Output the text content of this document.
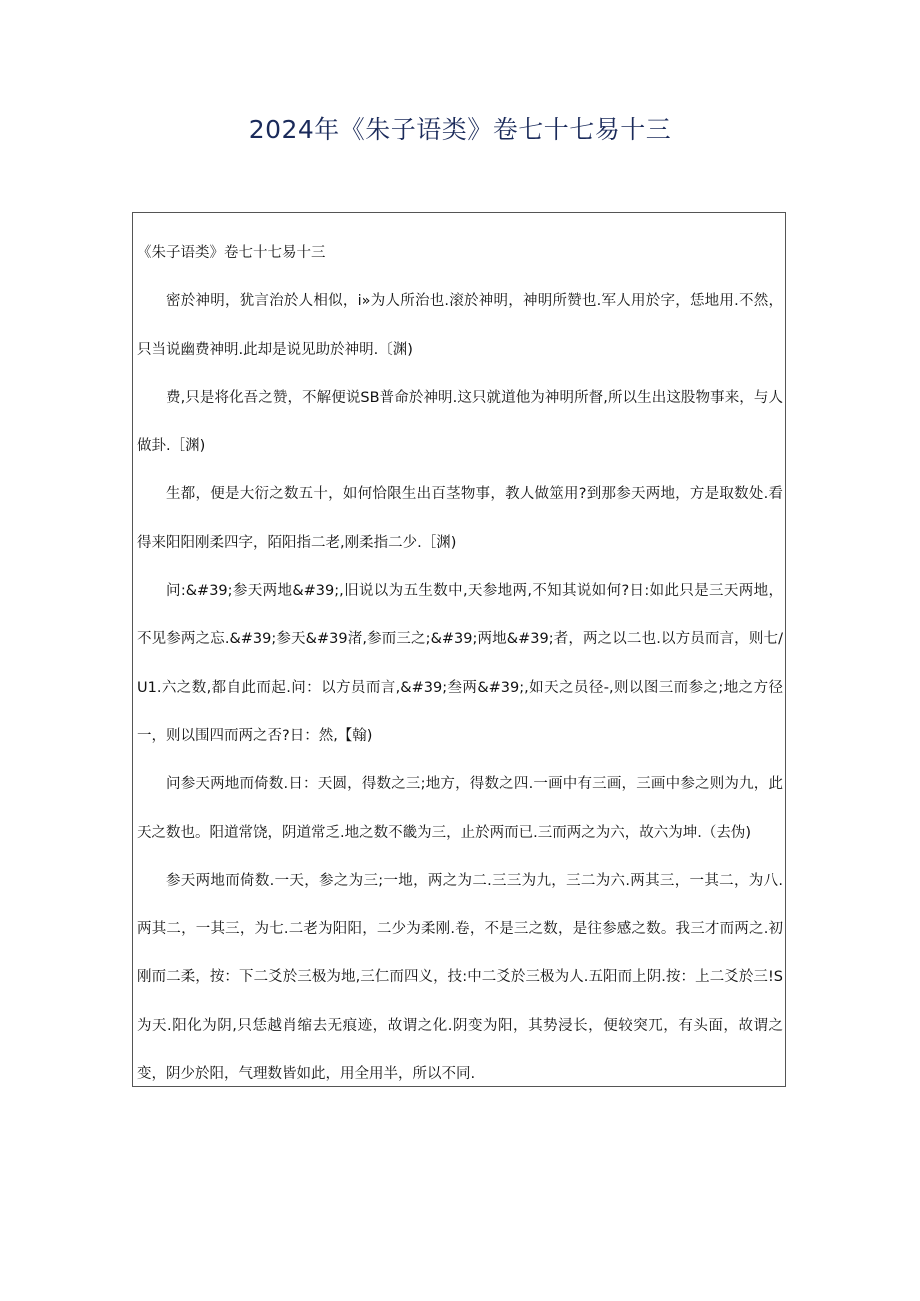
2024年《朱子语类》卷七十七易十三

《朱子语类》卷七十七易十三

密於神明，犹言治於人相似，i»为人所治也.滚於神明，神明所赞也.军人用於字，恁地用.不然，只当说幽费神明.此却是说见助於神明.〔渊)

费,只是将化吾之赞，不解便说SB普命於神明.这只就道他为神明所督,所以生出这股物事来，与人做卦.［渊)

生都，便是大衍之数五十，如何恰限生出百茎物事，教人做筮用?到那参天两地，方是取数处.看得来阳阳刚柔四字，陌阳指二老,刚柔指二少.［渊)

问:&#39;参天两地&#39;,旧说以为五生数中,天参地两,不知其说如何?日:如此只是三天两地，不见参两之忘.&#39;参天&#39渚,参而三之;&#39;两地&#39;者，两之以二也.以方员而言，则七/U1.六之数,都自此而起.问：以方员而言,&#39;叁两&#39;,如天之员径-,则以图三而参之;地之方径一，则以围四而两之否?日：然,【翰)

问参天两地而倚数.日：天圆，得数之三;地方，得数之四.一画中有三画，三画中参之则为九，此天之数也。阳道常饶，阴道常乏.地之数不畿为三，止於两而已.三而两之为六，故六为坤.（去伪)

参天两地而倚数.一天，参之为三;一地，两之为二.三三为九，三二为六.两其三，一其二，为八.两其二，一其三，为七.二老为阳阳，二少为柔刚.卷，不是三之数，是往参感之数。我三才而两之.初刚而二柔，按：下二爻於三极为地,三仁而四义，技:中二爻於三极为人.五阳而上阴.按：上二爻於三!S为天.阳化为阴,只恁越肖缩去无痕迹，故谓之化.阴变为阳，其势浸长，便较突兀，有头面，故谓之变，阴少於阳，气理数皆如此，用全用半，所以不同.
